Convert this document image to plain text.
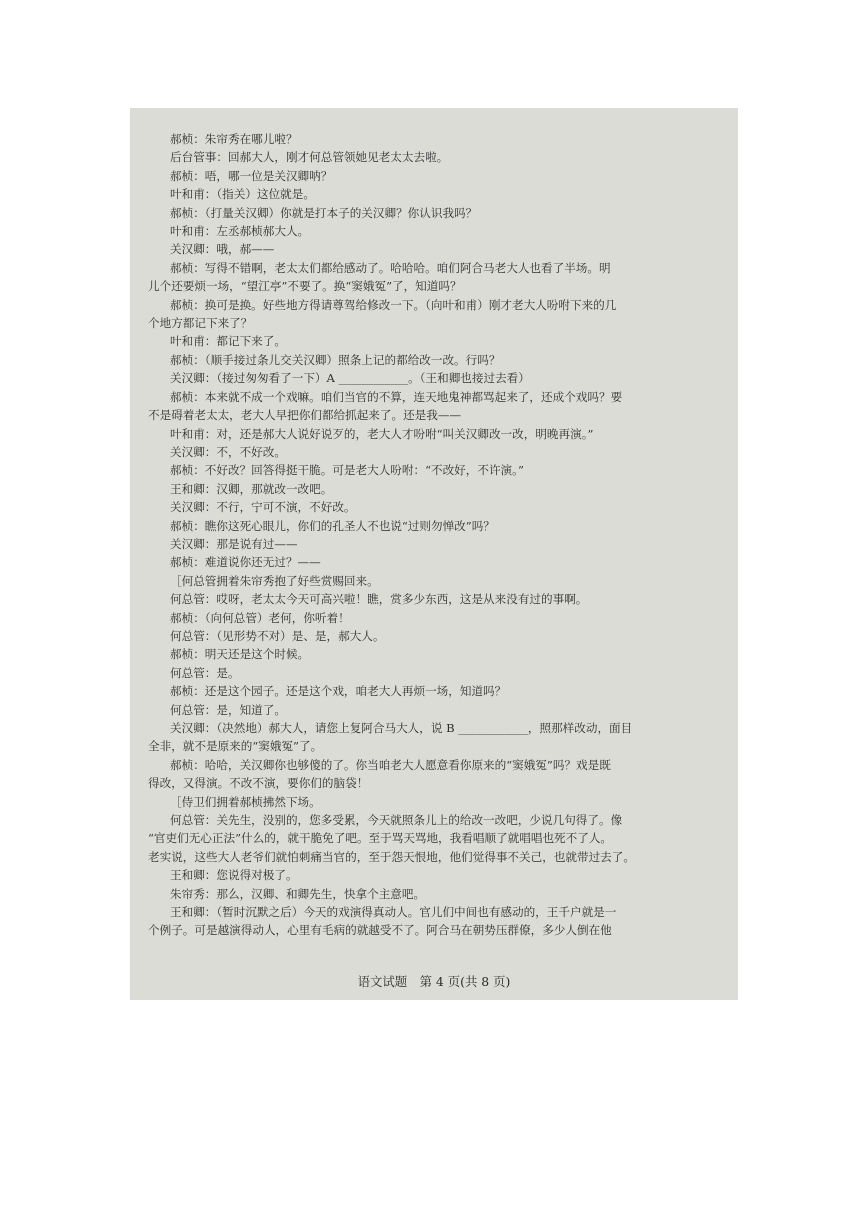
郝桢：朱帘秀在哪儿啦？
后台管事：回郝大人，刚才何总管领她见老太太去啦。
郝桢：唔，哪一位是关汉卿呐？
叶和甫：（指关）这位就是。
郝桢：（打量关汉卿）你就是打本子的关汉卿？你认识我吗？
叶和甫：左丞郝桢郝大人。
关汉卿：哦，郝——
郝桢：写得不错啊，老太太们都给感动了。哈哈哈。咱们阿合马老大人也看了半场。明
儿个还要烦一场，“望江亭”不要了。换“窦娥冤”了，知道吗？
郝桢：换可是换。好些地方得请尊驾给修改一下。（向叶和甫）刚才老大人吩咐下来的几
个地方都记下来了？
叶和甫：都记下来了。
郝桢：（顺手接过条儿交关汉卿）照条上记的都给改一改。行吗？
关汉卿：（接过匆匆看了一下）A ____________。（王和卿也接过去看）
郝桢：本来就不成一个戏嘛。咱们当官的不算，连天地鬼神都骂起来了，还成个戏吗？要
不是碍着老太太，老大人早把你们都给抓起来了。还是我——
叶和甫：对，还是郝大人说好说歹的，老大人才吩咐“叫关汉卿改一改，明晚再演。”
关汉卿：不，不好改。
郝桢：不好改？回答得挺干脆。可是老大人吩咐：“不改好，不许演。”
王和卿：汉卿，那就改一改吧。
关汉卿：不行，宁可不演，不好改。
郝桢：瞧你这死心眼儿，你们的孔圣人不也说“过则勿惮改”吗？
关汉卿：那是说有过——
郝桢：难道说你还无过？——
［何总管拥着朱帘秀抱了好些赏赐回来。
何总管：哎呀，老太太今天可高兴啦！瞧，赏多少东西，这是从来没有过的事啊。
郝桢：（向何总管）老何，你听着！
何总管：（见形势不对）是、是，郝大人。
郝桢：明天还是这个时候。
何总管：是。
郝桢：还是这个园子。还是这个戏，咱老大人再烦一场，知道吗？
何总管：是，知道了。
关汉卿：（决然地）郝大人，请您上复阿合马大人，说 B ____________，照那样改动，面目
全非，就不是原来的“窦娥冤”了。
郝桢：哈哈，关汉卿你也够傻的了。你当咱老大人愿意看你原来的“窦娥冤”吗？戏是既
得改，又得演。不改不演，要你们的脑袋！
［侍卫们拥着郝桢拂然下场。
何总管：关先生，没别的，您多受累，今天就照条儿上的给改一改吧，少说几句得了。像
“官吏们无心正法”什么的，就干脆免了吧。至于骂天骂地，我看唱顺了就唱唱也死不了人。
老实说，这些大人老爷们就怕刺痛当官的，至于怨天恨地，他们觉得事不关己，也就带过去了。
王和卿：您说得对极了。
朱帘秀：那么，汉卿、和卿先生，快拿个主意吧。
王和卿：（暂时沉默之后）今天的戏演得真动人。官儿们中间也有感动的，王千户就是一
个例子。可是越演得动人，心里有毛病的就越受不了。阿合马在朝势压群僚，多少人倒在他
语文试题　第 4 页(共 8 页)
